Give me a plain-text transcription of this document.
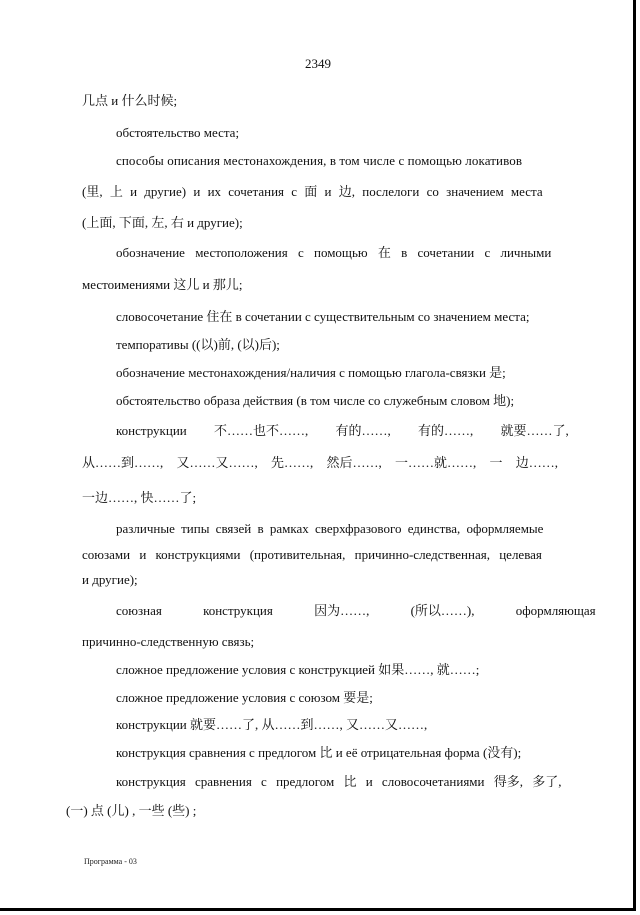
2349
几点 и 什么时候;
обстоятельство места;
способы описания местонахождения, в том числе с помощью локативов
(里, 上 и другие) и их сочетания с 面 и 边, послелоги со значением места
(上面, 下面, 左, 右 и другие);
обозначение местоположения с помощью 在 в сочетании с личными
местоимениями 这儿 и 那儿;
словосочетание 住在 в сочетании с существительным со значением места;
темпоративы ((以)前, (以)后);
обозначение местонахождения/наличия с помощью глагола-связки 是;
обстоятельство образа действия (в том числе со служебным словом 地);
конструкции 不……也不……, 有的……, 有的……, 就要……了,
从……到……, 又……又……, 先……, 然后……, 一……就……, 一 边……,
一边……, 快……了;
различные типы связей в рамках сверхфразового единства, оформляемые
союзами и конструкциями (противительная, причинно-следственная, целевая
и другие);
союзная конструкция 因为……, (所以……), оформляющая
причинно-следственную связь;
сложное предложение условия с конструкцией 如果……, 就……;
сложное предложение условия с союзом 要是;
конструкции 就要……了, 从……到……, 又……又……,
конструкция сравнения с предлогом 比 и её отрицательная форма (没有);
конструкция сравнения с предлогом 比 и словосочетаниями 得多, 多了,
(一) 点 (儿) , 一些 (些) ;
Программа - 03
